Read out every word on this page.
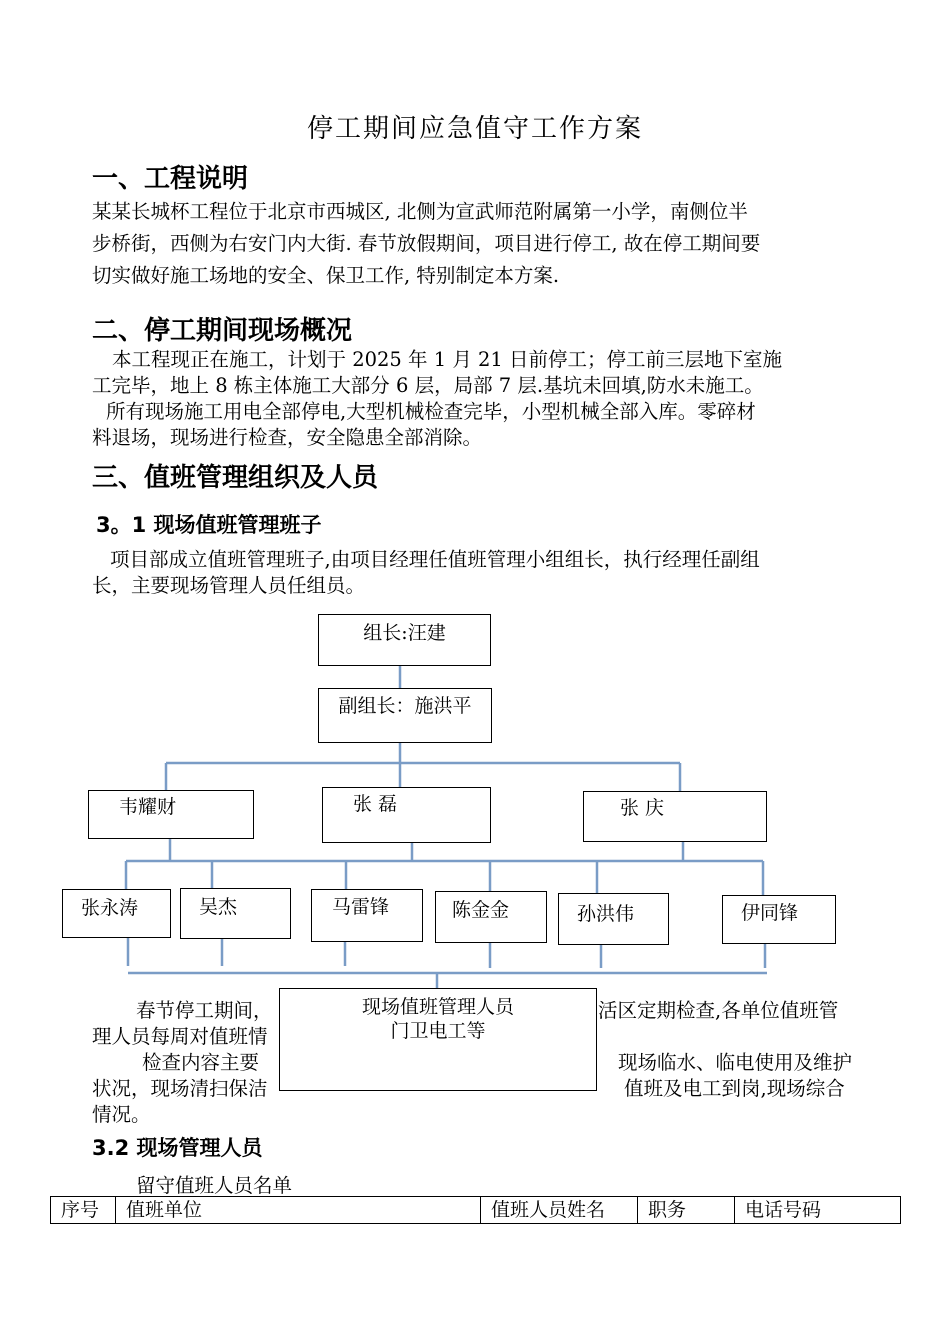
停工期间应急值守工作方案
一、工程说明
某某长城杯工程位于北京市西城区, 北侧为宣武师范附属第一小学，南侧位半
步桥街，西侧为右安门内大街. 春节放假期间，项目进行停工, 故在停工期间要
切实做好施工场地的安全、保卫工作, 特别制定本方案.
二、停工期间现场概况
本工程现正在施工，计划于 2025 年 1 月 21 日前停工；停工前三层地下室施
工完毕，地上 8 栋主体施工大部分 6 层，局部 7 层.基坑未回填,防水未施工。
所有现场施工用电全部停电,大型机械检查完毕，小型机械全部入库。零碎材
料退场，现场进行检查，安全隐患全部消除。
三、值班管理组织及人员
3。1 现场值班管理班子
项目部成立值班管理班子,由项目经理任值班管理小组组长，执行经理任副组
长，主要现场管理人员任组员。
组长:汪建
副组长：施洪平
韦耀财	张 磊	张 庆
张永涛	吴杰	马雷锋	陈金金	孙洪伟	伊同锋
春节停工期间，	活区定期检查,各单位值班管
理人员每周对值班情
检查内容主要	现场临水、临电使用及维护
状况，现场清扫保洁	值班及电工到岗,现场综合
情况。
现场值班管理人员
门卫电工等
3.2 现场管理人员
留守值班人员名单
序号	值班单位	值班人员姓名	职务	电话号码
